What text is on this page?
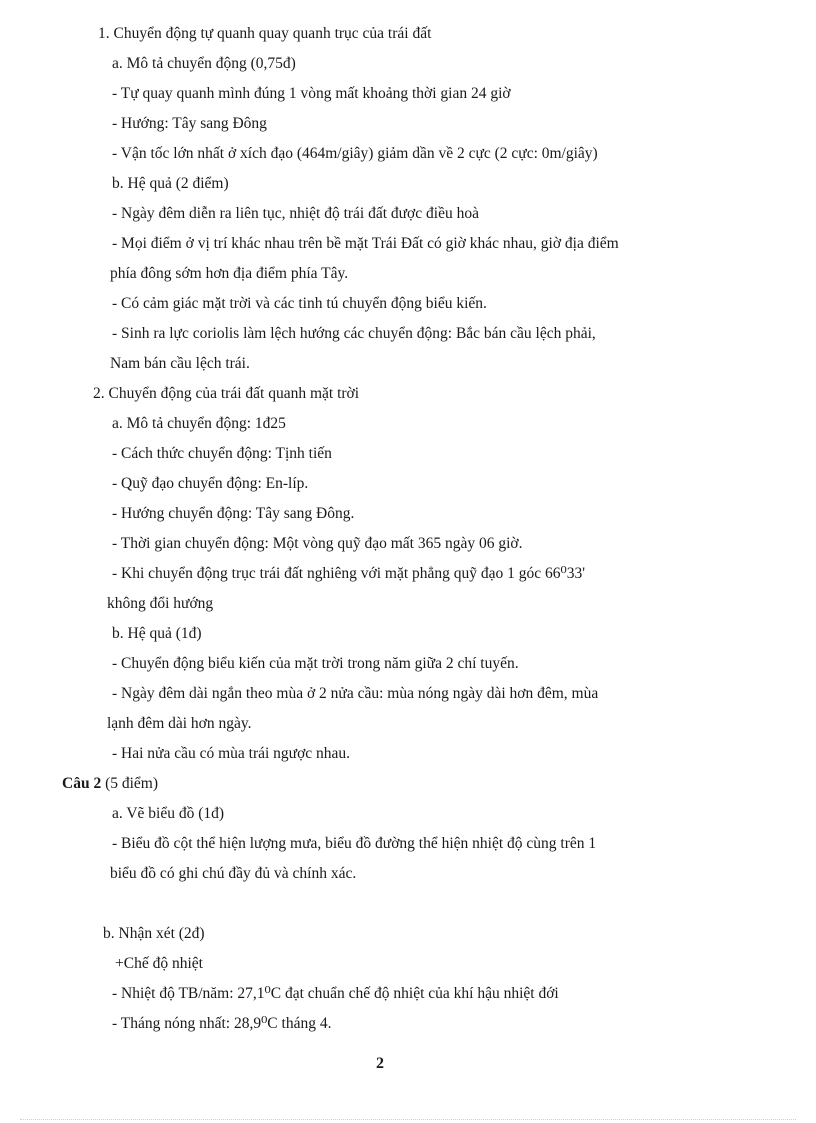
1. Chuyển động tự quanh quay quanh trục của trái đất
a. Mô tả chuyển động (0,75đ)
- Tự quay quanh mình đúng 1 vòng mất khoảng thời gian 24 giờ
- Hướng: Tây sang Đông
- Vận tốc lớn nhất ở xích đạo (464m/giây) giảm dần về 2 cực (2 cực: 0m/giây)
b. Hệ quả (2 điểm)
- Ngày đêm diễn ra liên tục, nhiệt độ trái đất được điều hoà
- Mọi điểm ở vị trí khác nhau trên bề mặt Trái Đất có giờ khác nhau, giờ địa điểm
phía đông sớm hơn địa điểm phía Tây.
- Có cảm giác mặt trời và các tinh tú chuyển động biểu kiến.
- Sinh ra lực coriolis làm lệch hướng các chuyển động: Bắc bán cầu lệch phải,
Nam bán cầu lệch trái.
2. Chuyển động của trái đất quanh mặt trời
a. Mô tả chuyển động: 1đ25
- Cách thức chuyển động: Tịnh tiến
- Quỹ đạo chuyển động: En-líp.
- Hướng chuyển động: Tây sang Đông.
- Thời gian chuyển động: Một vòng quỹ đạo mất 365 ngày 06 giờ.
- Khi chuyển động trục trái đất nghiêng với mặt phẳng quỹ đạo 1 góc 66⁰33'
không đổi hướng
b. Hệ quả (1đ)
- Chuyển động biểu kiến của mặt trời trong năm giữa 2 chí tuyến.
- Ngày đêm dài ngắn theo mùa ở 2 nửa cầu: mùa nóng ngày dài hơn đêm, mùa
lạnh đêm dài hơn ngày.
- Hai nửa cầu có mùa trái ngược nhau.
Câu 2 (5 điểm)
a. Vẽ biểu đồ (1đ)
- Biểu đồ cột thể hiện lượng mưa, biểu đồ đường thể hiện nhiệt độ cùng trên 1
biểu đồ có ghi chú đầy đủ và chính xác.
b. Nhận xét (2đ)
+Chế độ nhiệt
- Nhiệt độ TB/năm: 27,1⁰C đạt chuẩn chế độ nhiệt của khí hậu nhiệt đới
- Tháng nóng nhất: 28,9⁰C tháng 4.
2
